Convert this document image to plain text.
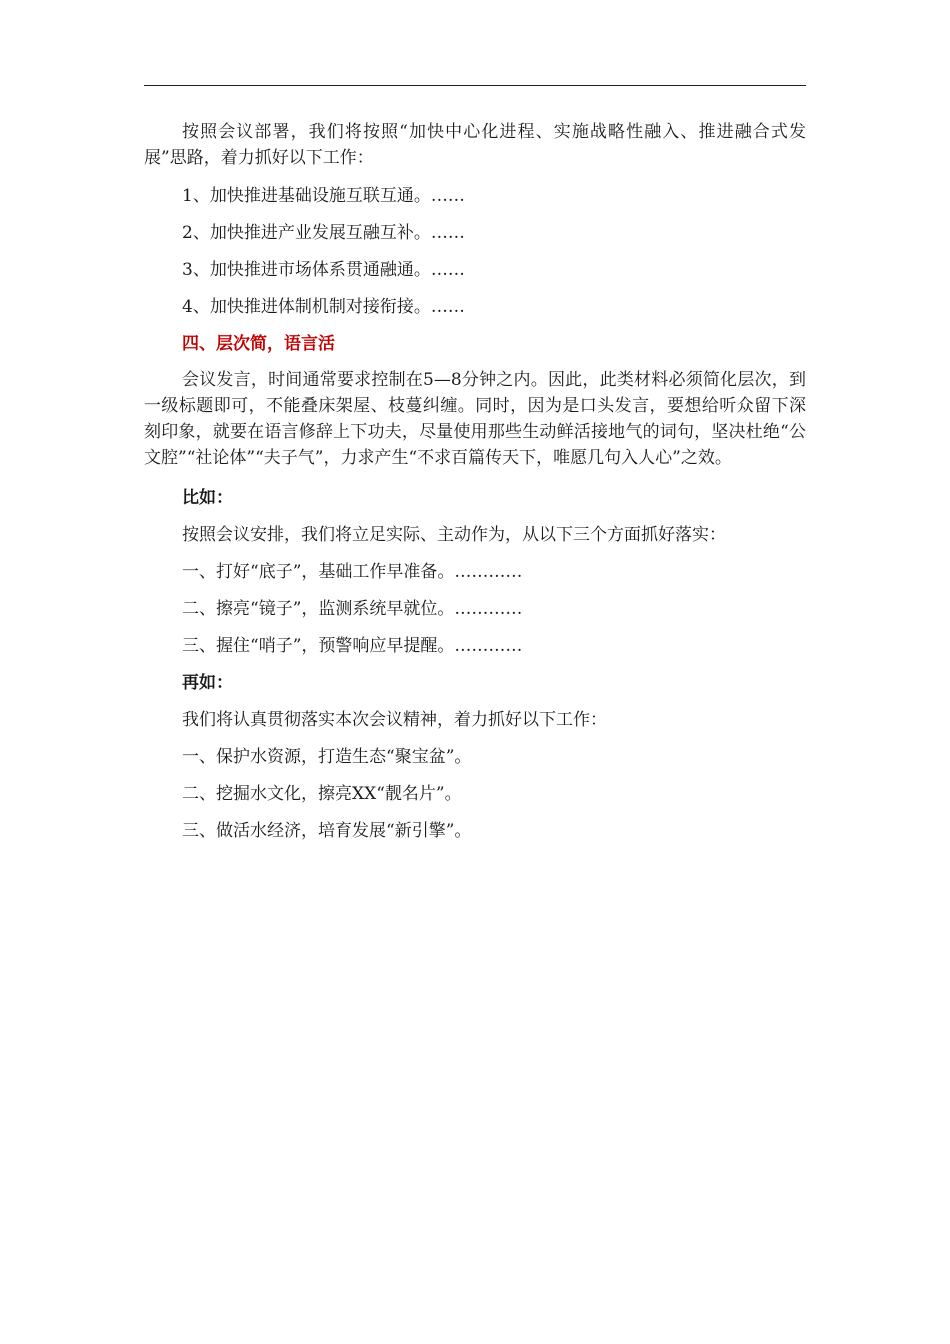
按照会议部署，我们将按照“加快中心化进程、实施战略性融入、推进融合式发展”思路，着力抓好以下工作：

1、加快推进基础设施互联互通。……

2、加快推进产业发展互融互补。……

3、加快推进市场体系贯通融通。……

4、加快推进体制机制对接衔接。……

四、层次简，语言活

会议发言，时间通常要求控制在5—8分钟之内。因此，此类材料必须简化层次，到一级标题即可，不能叠床架屋、枝蔓纠缠。同时，因为是口头发言，要想给听众留下深刻印象，就要在语言修辞上下功夫，尽量使用那些生动鲜活接地气的词句，坚决杜绝“公文腔”“社论体”“夫子气”，力求产生“不求百篇传天下，唯愿几句入人心”之效。

比如：

按照会议安排，我们将立足实际、主动作为，从以下三个方面抓好落实：

一、打好“底子”，基础工作早准备。…………

二、擦亮“镜子”，监测系统早就位。…………

三、握住“哨子”，预警响应早提醒。…………

再如：

我们将认真贯彻落实本次会议精神，着力抓好以下工作：

一、保护水资源，打造生态“聚宝盆”。

二、挖掘水文化，擦亮XX“靓名片”。

三、做活水经济，培育发展“新引擎”。
